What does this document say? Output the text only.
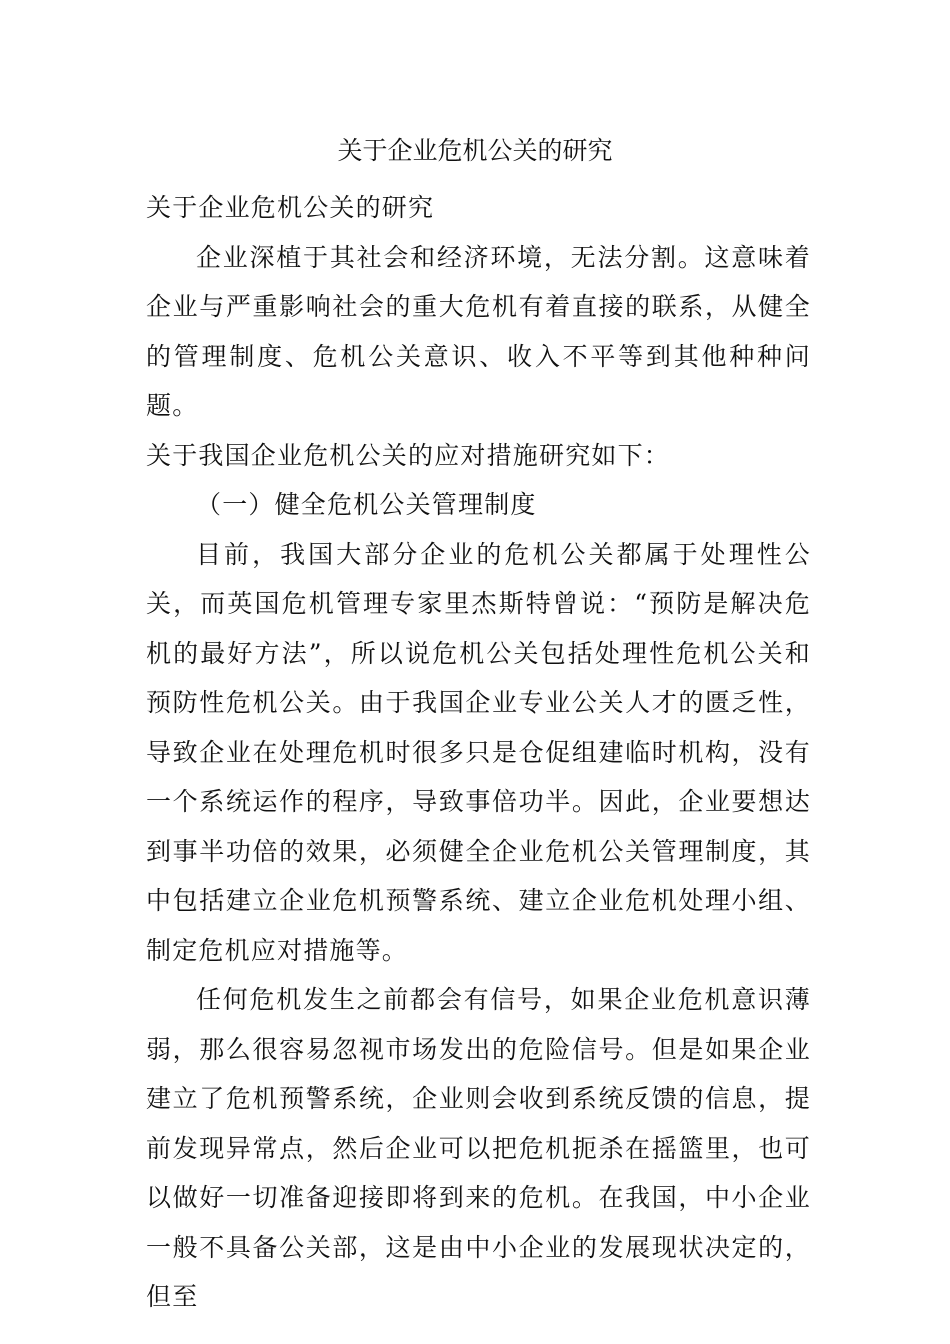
关于企业危机公关的研究

关于企业危机公关的研究

企业深植于其社会和经济环境，无法分割。这意味着企业与严重影响社会的重大危机有着直接的联系，从健全的管理制度、危机公关意识、收入不平等到其他种种问题。

关于我国企业危机公关的应对措施研究如下：

（一）健全危机公关管理制度

目前，我国大部分企业的危机公关都属于处理性公关，而英国危机管理专家里杰斯特曾说：“预防是解决危机的最好方法”，所以说危机公关包括处理性危机公关和预防性危机公关。由于我国企业专业公关人才的匮乏性，导致企业在处理危机时很多只是仓促组建临时机构，没有一个系统运作的程序，导致事倍功半。因此，企业要想达到事半功倍的效果，必须健全企业危机公关管理制度，其中包括建立企业危机预警系统、建立企业危机处理小组、制定危机应对措施等。

任何危机发生之前都会有信号，如果企业危机意识薄弱，那么很容易忽视市场发出的危险信号。但是如果企业建立了危机预警系统，企业则会收到系统反馈的信息，提前发现异常点，然后企业可以把危机扼杀在摇篮里，也可以做好一切准备迎接即将到来的危机。在我国，中小企业一般不具备公关部，这是由中小企业的发展现状决定的，但至
